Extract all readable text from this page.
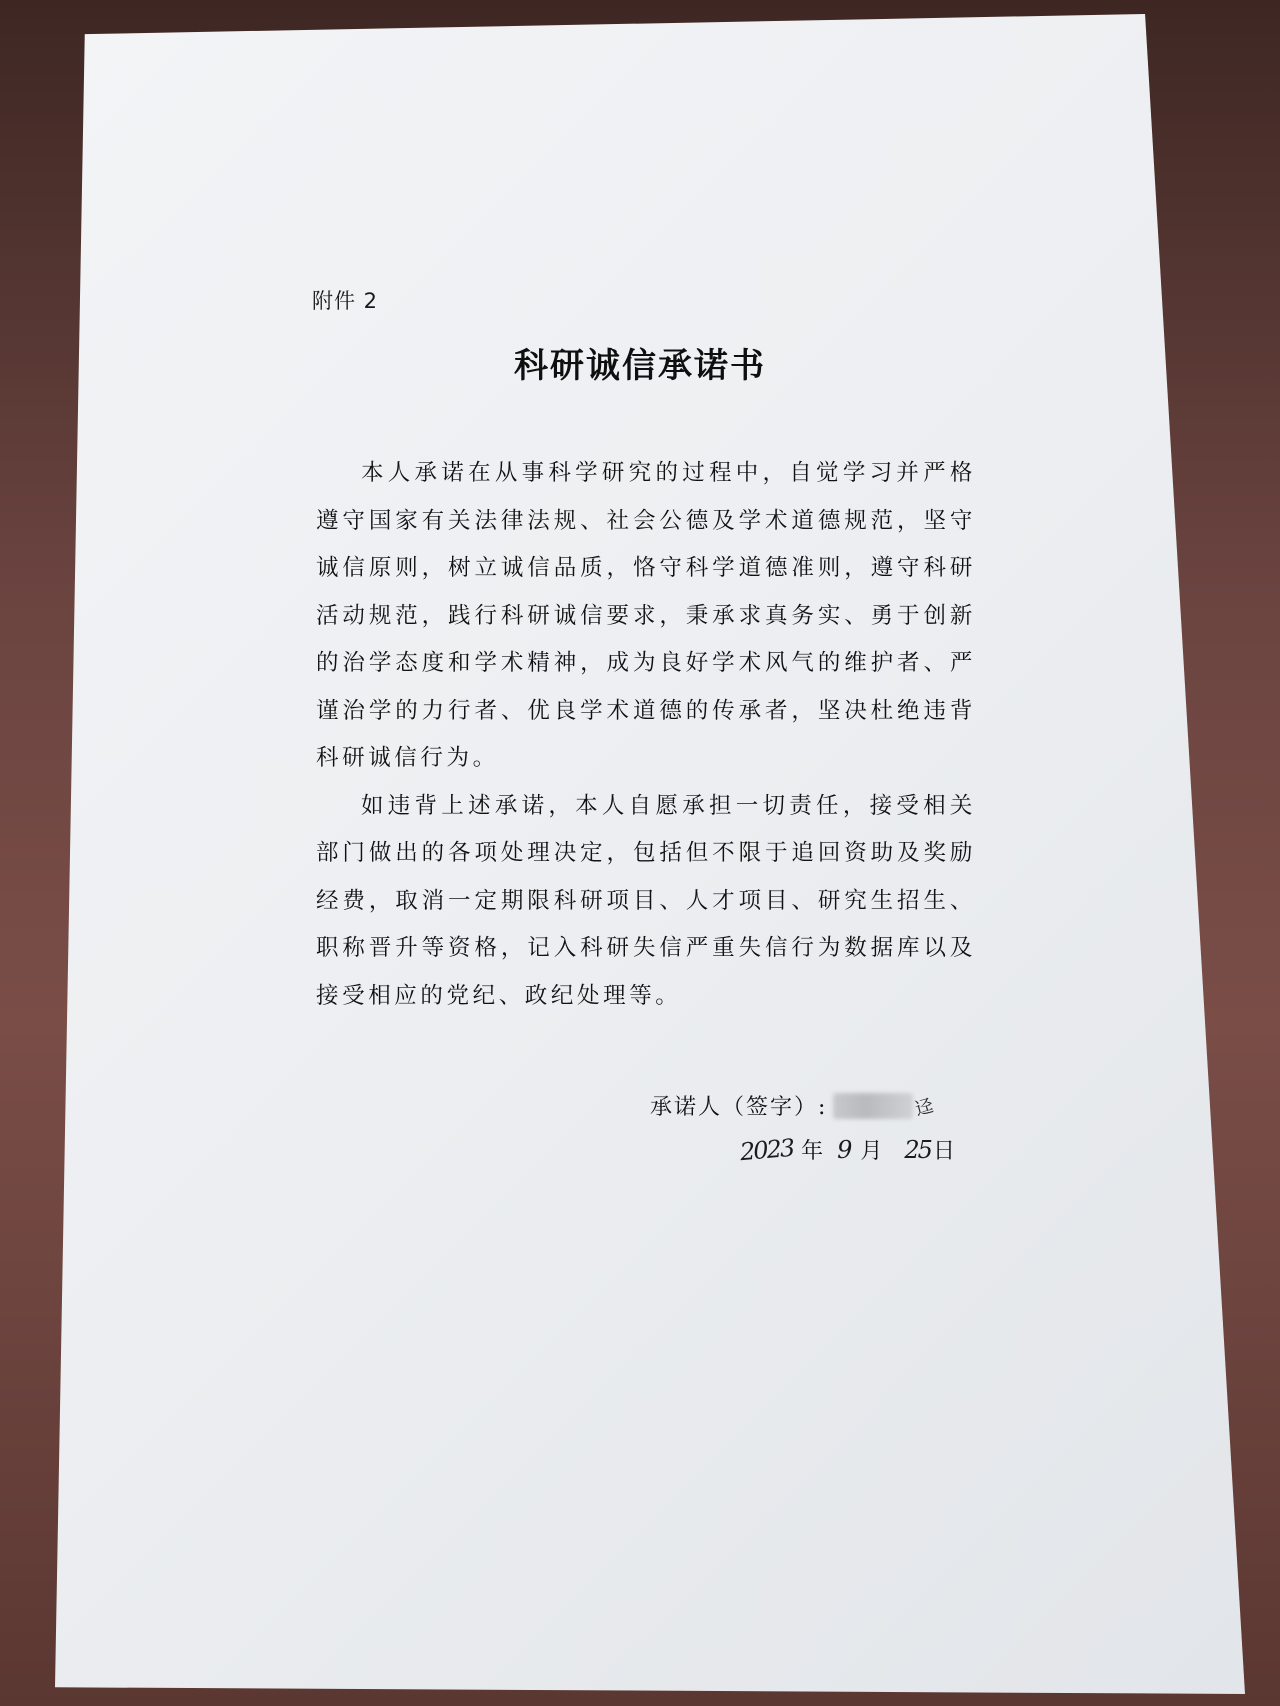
附件 2
科研诚信承诺书

本人承诺在从事科学研究的过程中，自觉学习并严格遵守国家有关法律法规、社会公德及学术道德规范，坚守诚信原则，树立诚信品质，恪守科学道德准则，遵守科研活动规范，践行科研诚信要求，秉承求真务实、勇于创新的治学态度和学术精神，成为良好学术风气的维护者、严谨治学的力行者、优良学术道德的传承者，坚决杜绝违背科研诚信行为。

如违背上述承诺，本人自愿承担一切责任，接受相关部门做出的各项处理决定，包括但不限于追回资助及奖励经费，取消一定期限科研项目、人才项目、研究生招生、职称晋升等资格，记入科研失信严重失信行为数据库以及接受相应的党纪、政纪处理等。

承诺人（签字）:	迳
2023 年 9 月 25 日
